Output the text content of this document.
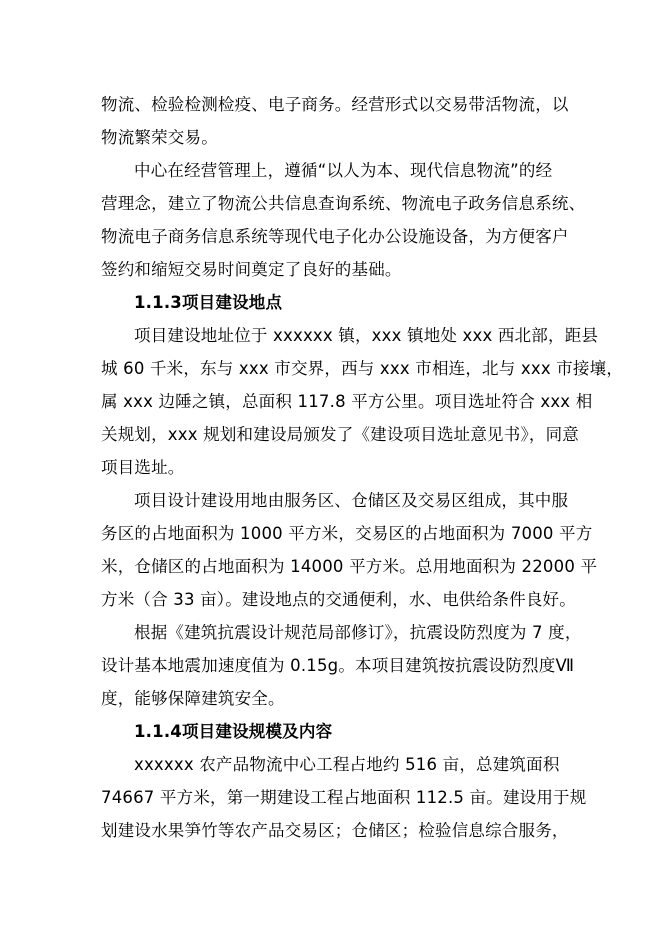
物流、检验检测检疫、电子商务。经营形式以交易带活物流，以
物流繁荣交易。
中心在经营管理上，遵循“以人为本、现代信息物流”的经
营理念，建立了物流公共信息查询系统、物流电子政务信息系统、
物流电子商务信息系统等现代电子化办公设施设备，为方便客户
签约和缩短交易时间奠定了良好的基础。
1.1.3项目建设地点
项目建设地址位于 xxxxxx 镇，xxx 镇地处 xxx 西北部，距县
城 60 千米，东与 xxx 市交界，西与 xxx 市相连，北与 xxx 市接壤，
属 xxx 边陲之镇，总面积 117.8 平方公里。项目选址符合 xxx 相
关规划，xxx 规划和建设局颁发了《建设项目选址意见书》，同意
项目选址。
项目设计建设用地由服务区、仓储区及交易区组成，其中服
务区的占地面积为 1000 平方米，交易区的占地面积为 7000 平方
米，仓储区的占地面积为 14000 平方米。总用地面积为 22000 平
方米（合 33 亩）。建设地点的交通便利，水、电供给条件良好。
根据《建筑抗震设计规范局部修订》，抗震设防烈度为 7 度，
设计基本地震加速度值为 0.15g。本项目建筑按抗震设防烈度Ⅶ
度，能够保障建筑安全。
1.1.4项目建设规模及内容
xxxxxx 农产品物流中心工程占地约 516 亩，总建筑面积
74667 平方米，第一期建设工程占地面积 112.5 亩。建设用于规
划建设水果笋竹等农产品交易区；仓储区；检验信息综合服务，
